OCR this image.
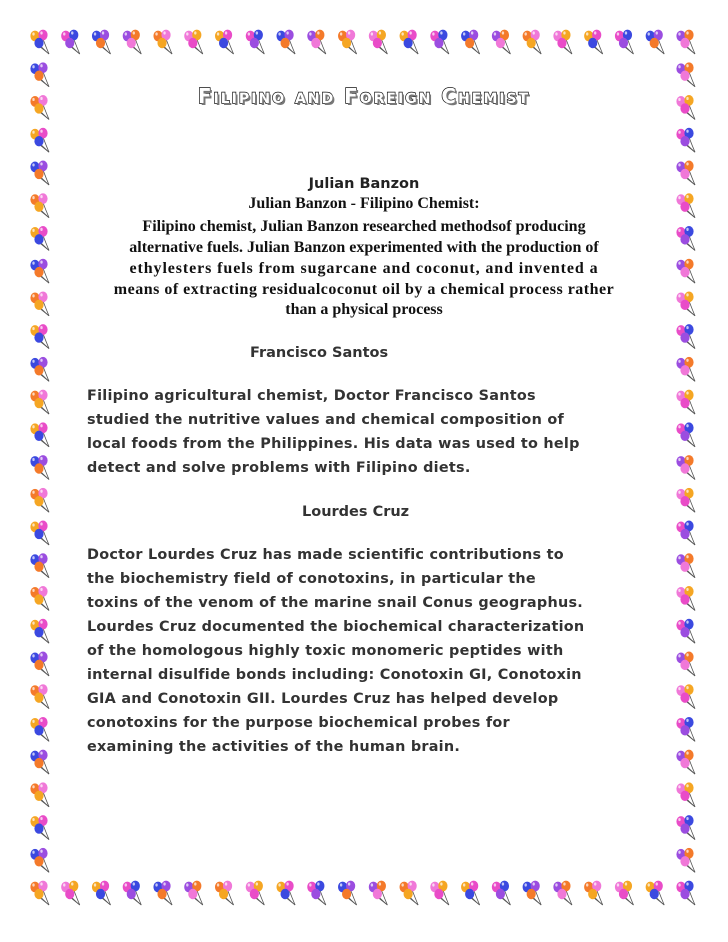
Filipino and Foreign Chemist
Julian Banzon
Julian Banzon - Filipino Chemist:
Filipino chemist, Julian Banzon researched methodsof producing
alternative fuels. Julian Banzon experimented with the production of
ethylesters fuels from sugarcane and coconut, and invented a
means of extracting residualcoconut oil by a chemical process rather
than a physical process
Francisco Santos
Filipino agricultural chemist, Doctor Francisco Santos
studied the nutritive values and chemical composition of
local foods from the Philippines. His data was used to help
detect and solve problems with Filipino diets.
Lourdes Cruz
Doctor Lourdes Cruz has made scientific contributions to
the biochemistry field of conotoxins, in particular the
toxins of the venom of the marine snail Conus geographus.
Lourdes Cruz documented the biochemical characterization
of the homologous highly toxic monomeric peptides with
internal disulfide bonds including: Conotoxin GI, Conotoxin
GIA and Conotoxin GII. Lourdes Cruz has helped develop
conotoxins for the purpose biochemical probes for
examining the activities of the human brain.
